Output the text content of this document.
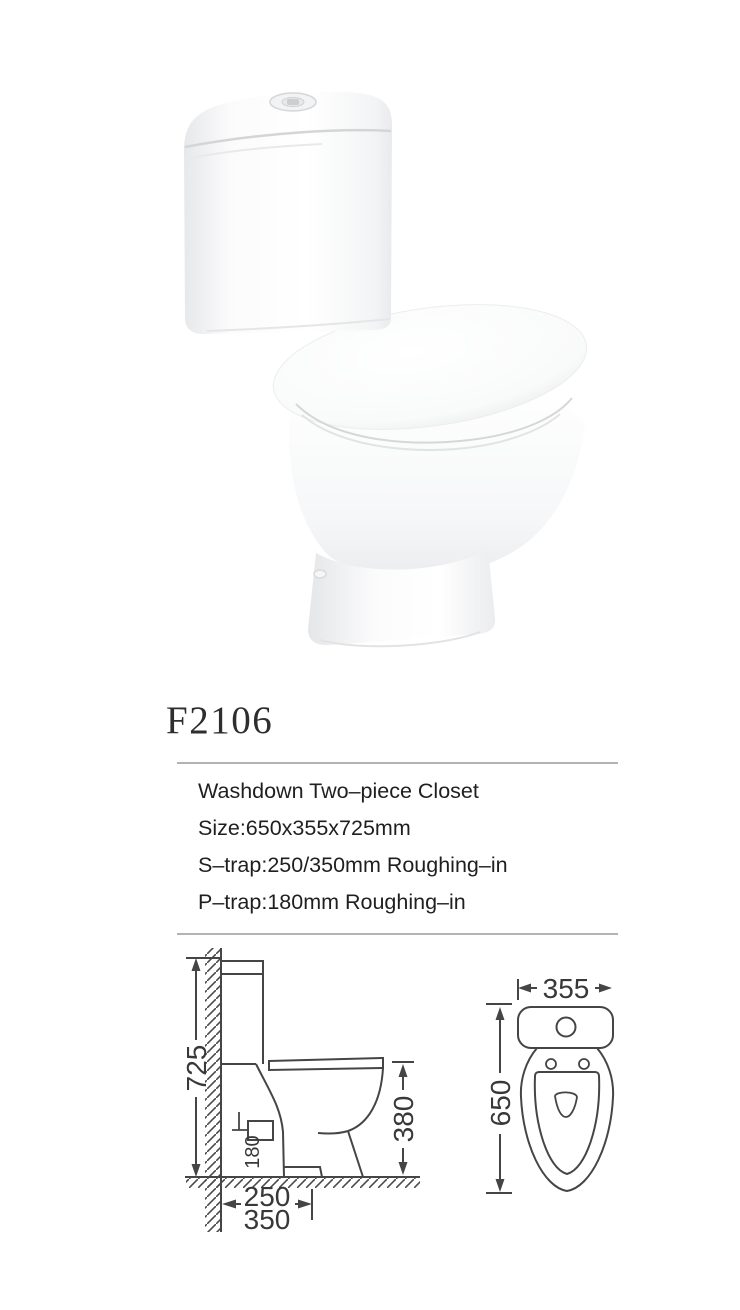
F2106
Washdown Two–piece Closet
Size:650x355x725mm
S–trap:250/350mm Roughing–in
P–trap:180mm Roughing–in
725
380
180
250
350
355
650
